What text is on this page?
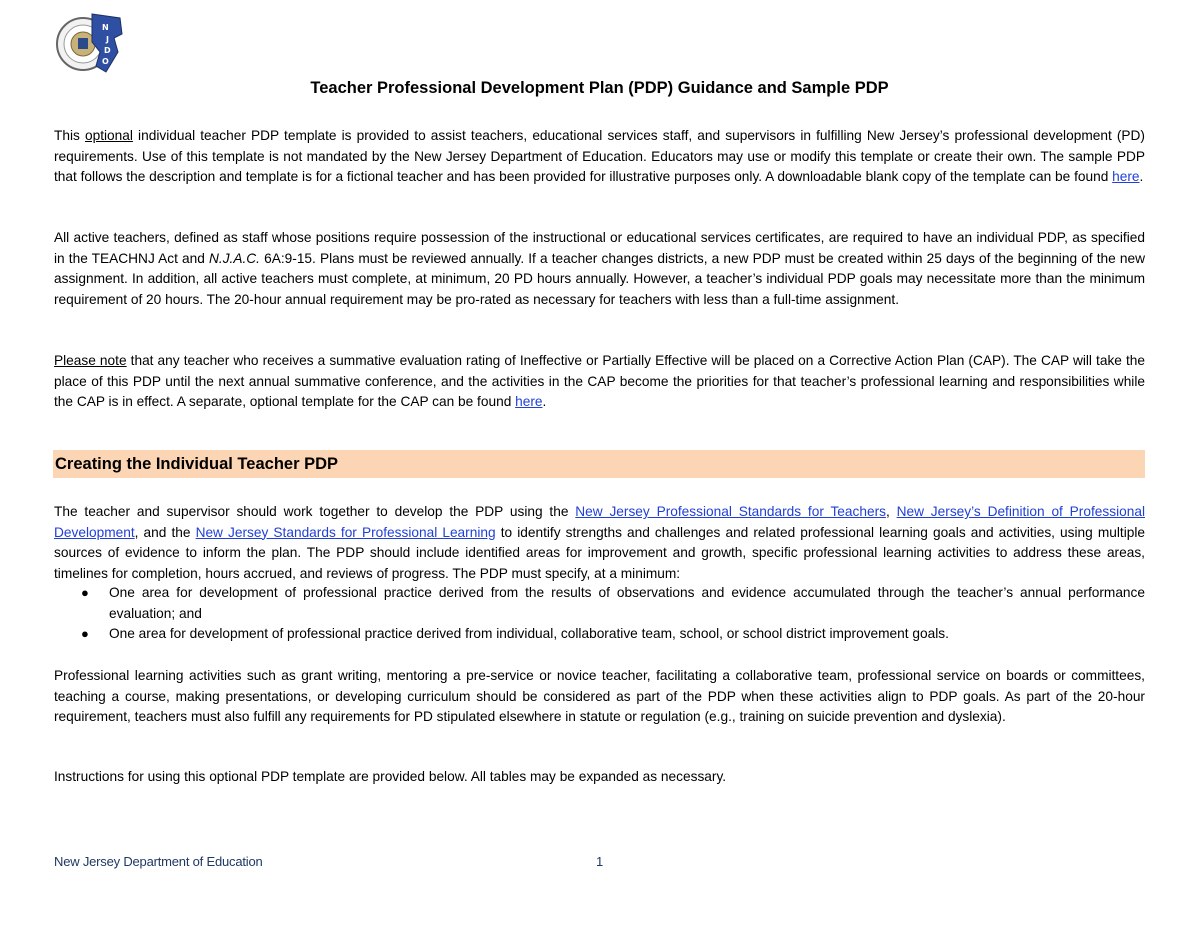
N
J
D
O
Teacher Professional Development Plan (PDP) Guidance and Sample PDP

This optional individual teacher PDP template is provided to assist teachers, educational services staff, and supervisors in fulfilling New Jersey’s professional development (PD) requirements. Use of this template is not mandated by the New Jersey Department of Education. Educators may use or modify this template or create their own. The sample PDP that follows the description and template is for a fictional teacher and has been provided for illustrative purposes only. A downloadable blank copy of the template can be found here.

All active teachers, defined as staff whose positions require possession of the instructional or educational services certificates, are required to have an individual PDP, as specified in the TEACHNJ Act and N.J.A.C. 6A:9-15. Plans must be reviewed annually. If a teacher changes districts, a new PDP must be created within 25 days of the beginning of the new assignment. In addition, all active teachers must complete, at minimum, 20 PD hours annually. However, a teacher’s individual PDP goals may necessitate more than the minimum requirement of 20 hours. The 20-hour annual requirement may be pro-rated as necessary for teachers with less than a full-time assignment.

Please note that any teacher who receives a summative evaluation rating of Ineffective or Partially Effective will be placed on a Corrective Action Plan (CAP). The CAP will take the place of this PDP until the next annual summative conference, and the activities in the CAP become the priorities for that teacher’s professional learning and responsibilities while the CAP is in effect. A separate, optional template for the CAP can be found here.

Creating the Individual Teacher PDP

The teacher and supervisor should work together to develop the PDP using the New Jersey Professional Standards for Teachers, New Jersey’s Definition of Professional Development, and the New Jersey Standards for Professional Learning to identify strengths and challenges and related professional learning goals and activities, using multiple sources of evidence to inform the plan. The PDP should include identified areas for improvement and growth, specific professional learning activities to address these areas, timelines for completion, hours accrued, and reviews of progress. The PDP must specify, at a minimum:

● One area for development of professional practice derived from the results of observations and evidence accumulated through the teacher’s annual performance evaluation; and
● One area for development of professional practice derived from individual, collaborative team, school, or school district improvement goals.

Professional learning activities such as grant writing, mentoring a pre-service or novice teacher, facilitating a collaborative team, professional service on boards or committees, teaching a course, making presentations, or developing curriculum should be considered as part of the PDP when these activities align to PDP goals. As part of the 20-hour requirement, teachers must also fulfill any requirements for PD stipulated elsewhere in statute or regulation (e.g., training on suicide prevention and dyslexia).

Instructions for using this optional PDP template are provided below. All tables may be expanded as necessary.

New Jersey Department of Education	1
